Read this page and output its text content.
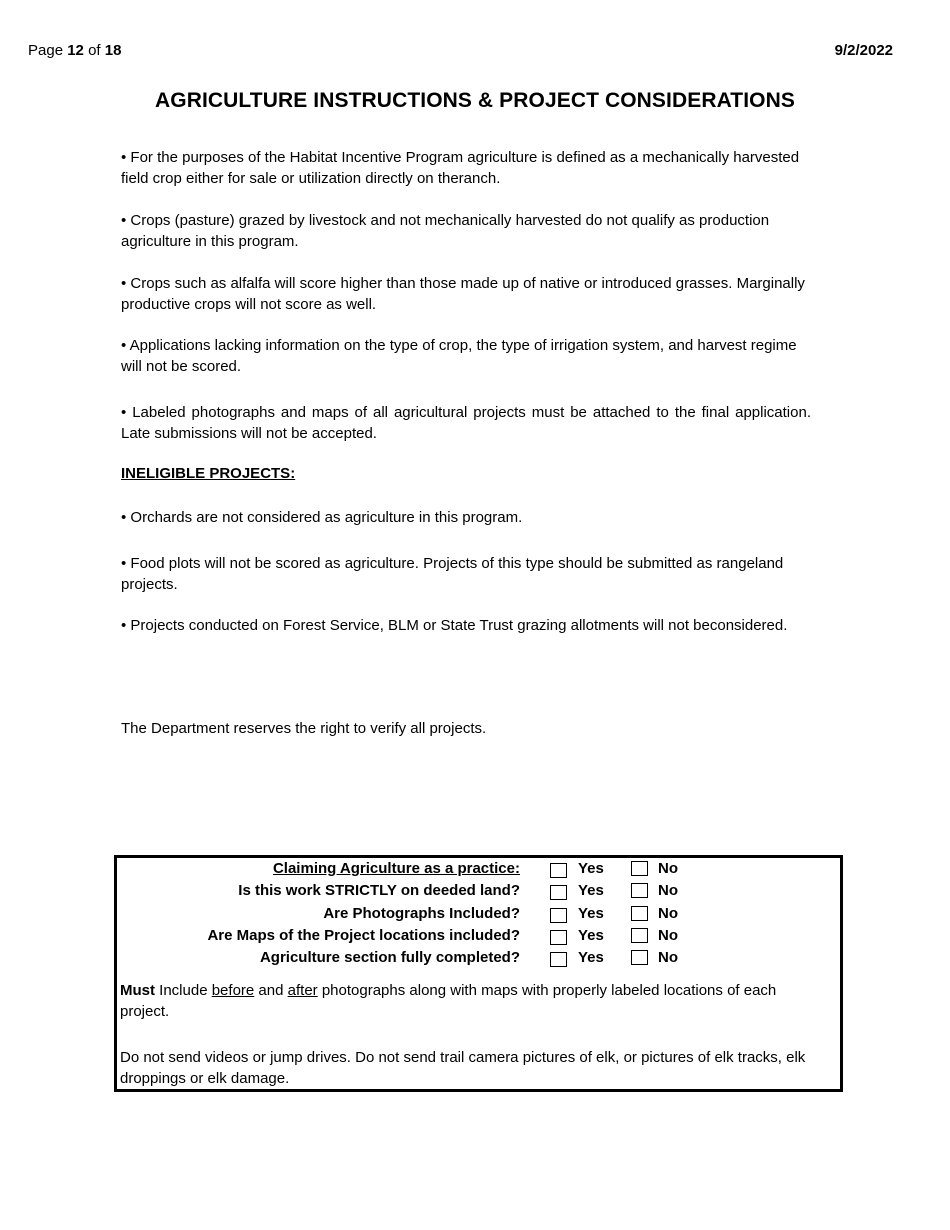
Page 12 of 18	9/2/2022
AGRICULTURE INSTRUCTIONS & PROJECT CONSIDERATIONS
• For the purposes of the Habitat Incentive Program agriculture is defined as a mechanically harvested field crop either for sale or utilization directly on theranch.
• Crops (pasture) grazed by livestock and not mechanically harvested do not qualify as production agriculture in this program.
• Crops such as alfalfa will score higher than those made up of native or introduced grasses. Marginally productive crops will not score as well.
• Applications lacking information on the type of crop, the type of irrigation system, and harvest regime will not be scored.
• Labeled photographs and maps of all agricultural projects must be attached to the final application. Late submissions will not be accepted.
INELIGIBLE PROJECTS:
• Orchards are not considered as agriculture in this program.
• Food plots will not be scored as agriculture. Projects of this type should be submitted as rangeland projects.
• Projects conducted on Forest Service, BLM or State Trust grazing allotments will not beconsidered.
The Department reserves the right to verify all projects.
Claiming Agriculture as a practice:	Yes	No
Is this work STRICTLY on deeded land?	Yes	No
Are Photographs Included?	Yes	No
Are Maps of the Project locations included?	Yes	No
Agriculture section fully completed?	Yes	No
Must Include before and after photographs along with maps with properly labeled locations of each project.
Do not send videos or jump drives. Do not send trail camera pictures of elk, or pictures of elk tracks, elk droppings or elk damage.
